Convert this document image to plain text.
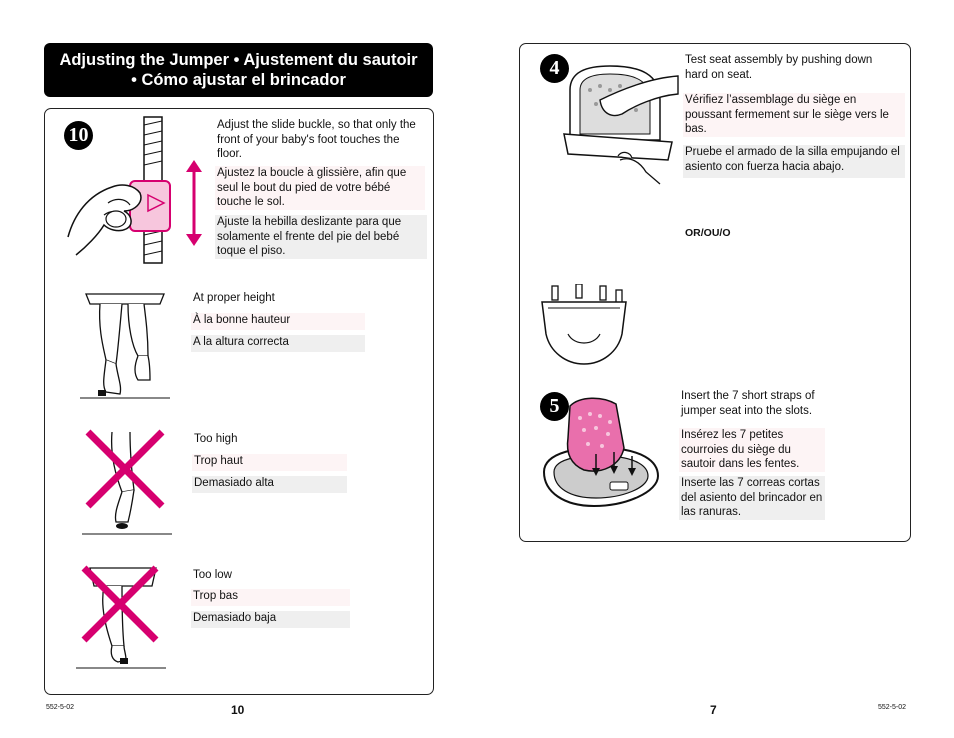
Adjusting the Jumper • Ajustement du sautoir • Cómo ajustar el brincador
10	Adjust the slide buckle, so that only the front of your baby's foot touches the floor.
Ajustez la boucle à glissière, afin que seul le bout du pied de votre bébé touche le sol.
Ajuste la hebilla deslizante para que solamente el frente del pie del bebé toque el piso.
At proper height
À la bonne hauteur
A la altura correcta
Too high
Trop haut
Demasiado alta
Too low
Trop bas
Demasiado baja
552-5-02	10
4	Test seat assembly by pushing down hard on seat.
Vérifiez l’assemblage du siège en poussant fermement sur le siège vers le bas.
Pruebe el armado de la silla empujando el asiento con fuerza hacia abajo.
OR/OU/O
5	Insert the 7 short straps of jumper seat into the slots.
Insérez les 7 petites courroies du siège du sautoir dans les fentes.
Inserte las 7 correas cortas del asiento del brincador en las ranuras.
7	552-5-02
